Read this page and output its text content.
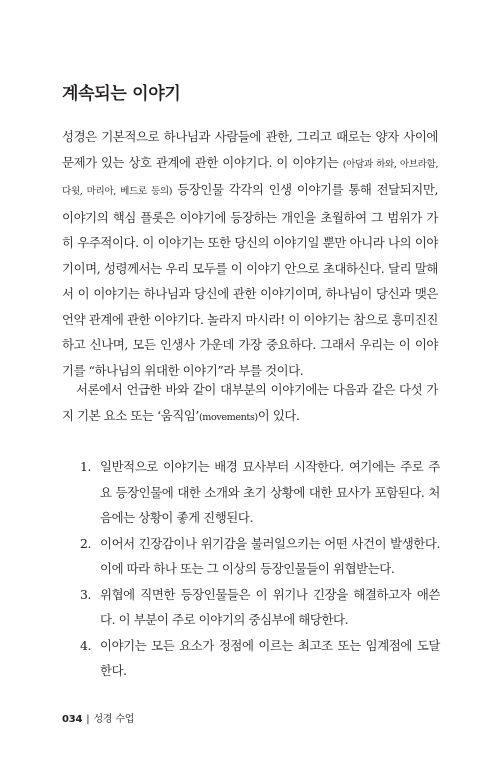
계속되는 이야기

성경은 기본적으로 하나님과 사람들에 관한, 그리고 때로는 양자 사이에 문제가 있는 상호 관계에 관한 이야기다. 이 이야기는 (아담과 하와, 아브라함, 다윗, 마리아, 베드로 등의) 등장인물 각각의 인생 이야기를 통해 전달되지만, 이야기의 핵심 플롯은 이야기에 등장하는 개인을 초월하여 그 범위가 가히 우주적이다. 이 이야기는 또한 당신의 이야기일 뿐만 아니라 나의 이야기이며, 성령께서는 우리 모두를 이 이야기 안으로 초대하신다. 달리 말해서 이 이야기는 하나님과 당신에 관한 이야기이며, 하나님이 당신과 맺은 언약 관계에 관한 이야기다. 놀라지 마시라! 이 이야기는 참으로 흥미진진하고 신나며, 모든 인생사 가운데 가장 중요하다. 그래서 우리는 이 이야기를 “하나님의 위대한 이야기”라 부를 것이다.

서론에서 언급한 바와 같이 대부분의 이야기에는 다음과 같은 다섯 가지 기본 요소 또는 ‘움직임’(movements)이 있다.

1. 일반적으로 이야기는 배경 묘사부터 시작한다. 여기에는 주로 주요 등장인물에 대한 소개와 초기 상황에 대한 묘사가 포함된다. 처음에는 상황이 좋게 진행된다.
2. 이어서 긴장감이나 위기감을 불러일으키는 어떤 사건이 발생한다. 이에 따라 하나 또는 그 이상의 등장인물들이 위협받는다.
3. 위협에 직면한 등장인물들은 이 위기나 긴장을 해결하고자 애쓴다. 이 부분이 주로 이야기의 중심부에 해당한다.
4. 이야기는 모든 요소가 정점에 이르는 최고조 또는 임계점에 도달한다.
034 | 성경 수업
